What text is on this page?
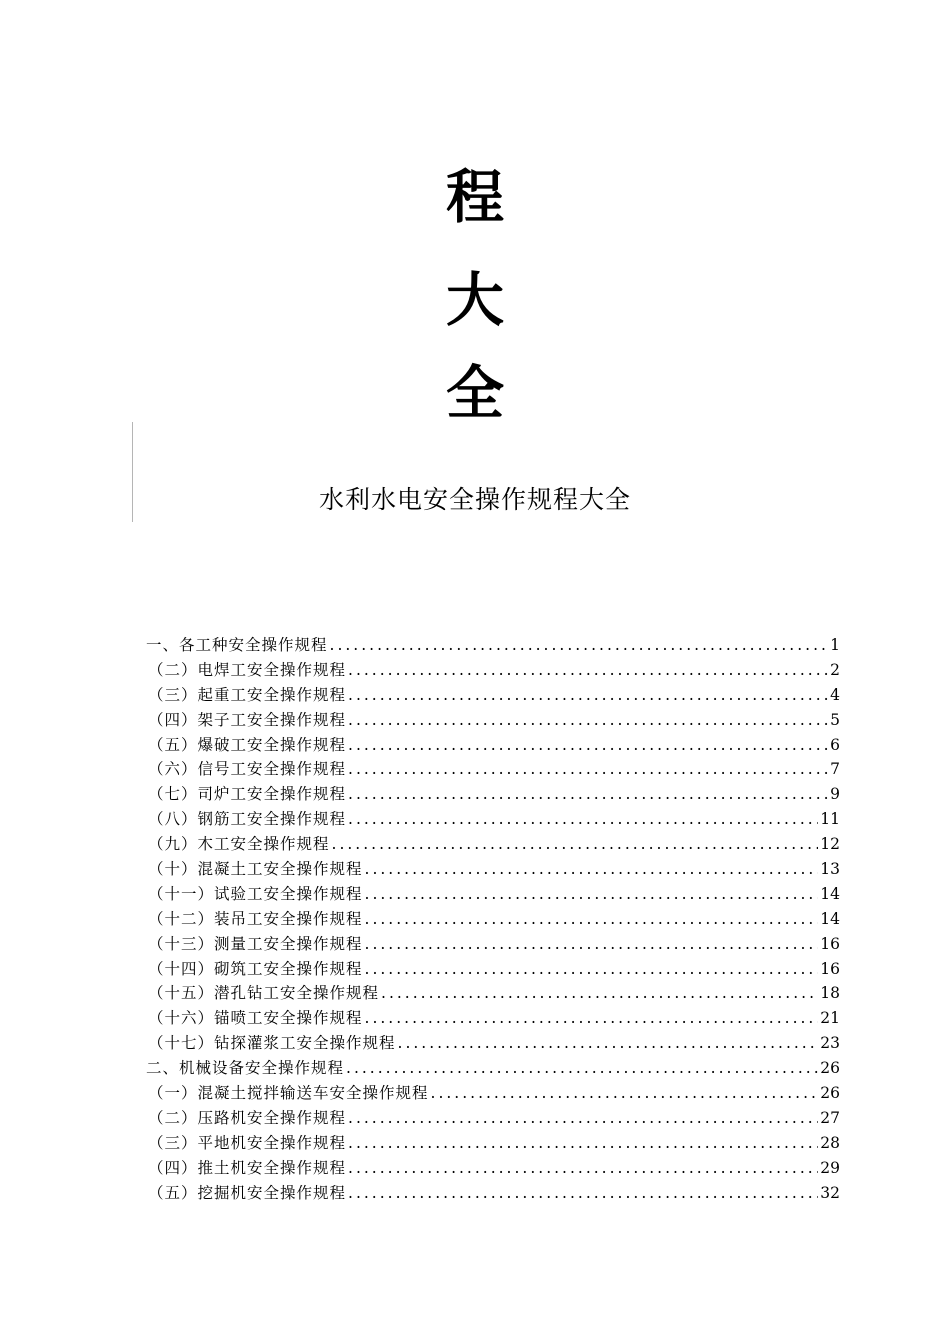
程
大
全
水利水电安全操作规程大全
一、各工种安全操作规程 .....	1
（二）电焊工安全操作规程 .....	2
（三）起重工安全操作规程 .....	4
（四）架子工安全操作规程 .....	5
（五）爆破工安全操作规程 .....	6
（六）信号工安全操作规程 .....	7
（七）司炉工安全操作规程 .....	9
（八）钢筋工安全操作规程 .....	11
（九）木工安全操作规程 .....	12
（十）混凝土工安全操作规程 .....	13
（十一）试验工安全操作规程 .....	14
（十二）装吊工安全操作规程 .....	14
（十三）测量工安全操作规程 .....	16
（十四）砌筑工安全操作规程 .....	16
（十五）潜孔钻工安全操作规程 .....	18
（十六）锚喷工安全操作规程 .....	21
（十七）钻探灌浆工安全操作规程 .....	23
二、机械设备安全操作规程 .....	26
（一）混凝土搅拌输送车安全操作规程 .....	26
（二）压路机安全操作规程 .....	27
（三）平地机安全操作规程 .....	28
（四）推土机安全操作规程 .....	29
（五）挖掘机安全操作规程 .....	32
